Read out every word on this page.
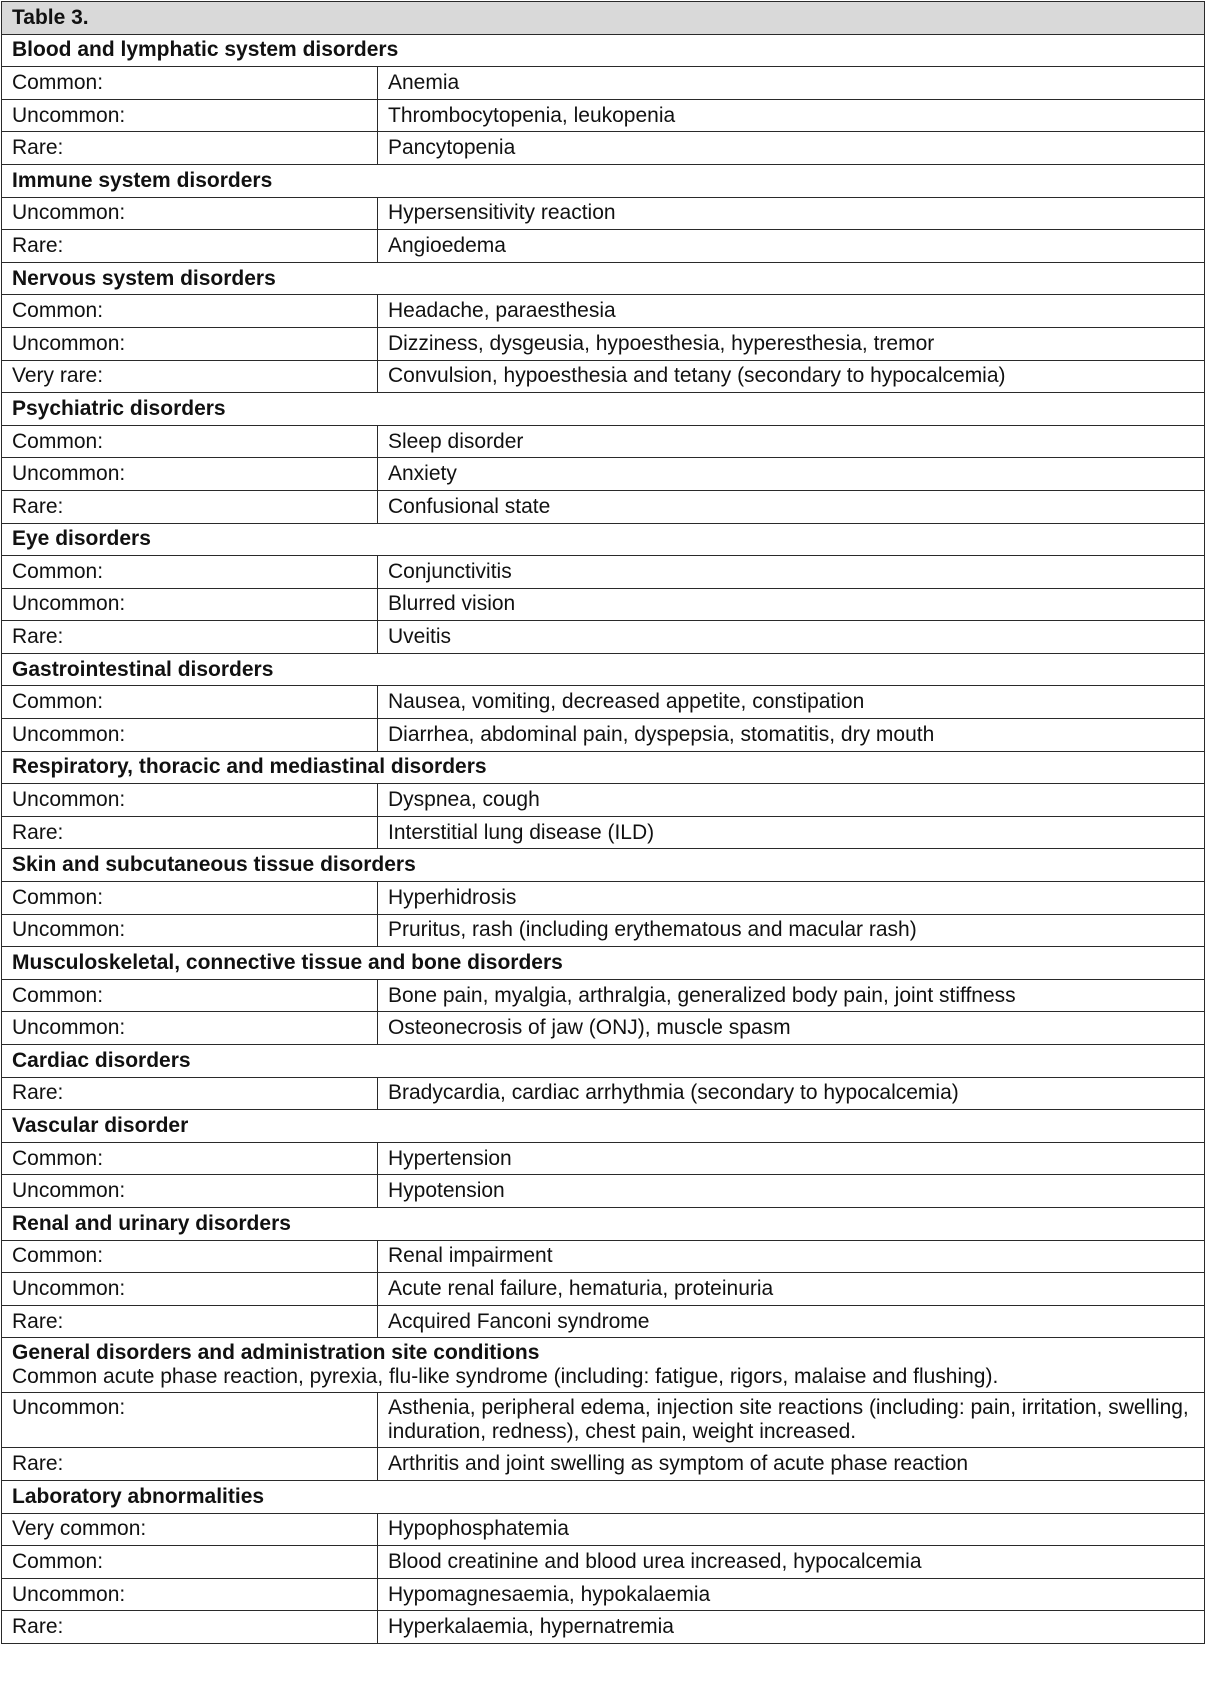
Table 3.	
Blood and lymphatic system disorders	
Common:	Anemia
Uncommon:	Thrombocytopenia, leukopenia
Rare:	Pancytopenia
Immune system disorders	
Uncommon:	Hypersensitivity reaction
Rare:	Angioedema
Nervous system disorders	
Common:	Headache, paraesthesia
Uncommon:	Dizziness, dysgeusia, hypoesthesia, hyperesthesia, tremor
Very rare:	Convulsion, hypoesthesia and tetany (secondary to hypocalcemia)
Psychiatric disorders	
Common:	Sleep disorder
Uncommon:	Anxiety
Rare:	Confusional state
Eye disorders	
Common:	Conjunctivitis
Uncommon:	Blurred vision
Rare:	Uveitis
Gastrointestinal disorders	
Common:	Nausea, vomiting, decreased appetite, constipation
Uncommon:	Diarrhea, abdominal pain, dyspepsia, stomatitis, dry mouth
Respiratory, thoracic and mediastinal disorders	
Uncommon:	Dyspnea, cough
Rare:	Interstitial lung disease (ILD)
Skin and subcutaneous tissue disorders	
Common:	Hyperhidrosis
Uncommon:	Pruritus, rash (including erythematous and macular rash)
Musculoskeletal, connective tissue and bone disorders	
Common:	Bone pain, myalgia, arthralgia, generalized body pain, joint stiffness
Uncommon:	Osteonecrosis of jaw (ONJ), muscle spasm
Cardiac disorders	
Rare:	Bradycardia, cardiac arrhythmia (secondary to hypocalcemia)
Vascular disorder	
Common:	Hypertension
Uncommon:	Hypotension
Renal and urinary disorders	
Common:	Renal impairment
Uncommon:	Acute renal failure, hematuria, proteinuria
Rare:	Acquired Fanconi syndrome

General disorders and administration site conditions
Common acute phase reaction, pyrexia, flu-like syndrome (including: fatigue, rigors, malaise and flushing).	

Uncommon:	Asthenia, peripheral edema, injection site reactions (including: pain, irritation, swelling, induration, redness), chest pain, weight increased.
Rare:	Arthritis and joint swelling as symptom of acute phase reaction
Laboratory abnormalities	
Very common:	Hypophosphatemia
Common:	Blood creatinine and blood urea increased, hypocalcemia
Uncommon:	Hypomagnesaemia, hypokalaemia
Rare:	Hyperkalaemia, hypernatremia
